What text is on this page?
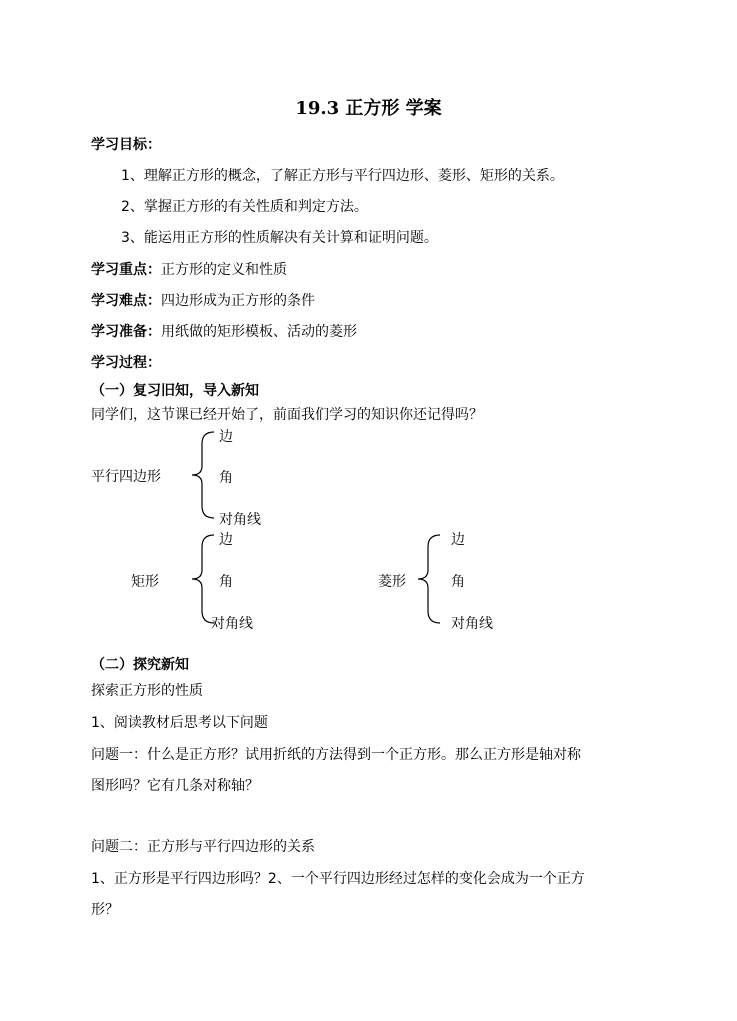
19.3 正方形 学案
学习目标：
1、理解正方形的概念，了解正方形与平行四边形、菱形、矩形的关系。
2、掌握正方形的有关性质和判定方法。
3、能运用正方形的性质解决有关计算和证明问题。
学习重点：正方形的定义和性质
学习难点：四边形成为正方形的条件
学习准备：用纸做的矩形模板、活动的菱形
学习过程：
（一）复习旧知，导入新知
同学们，这节课已经开始了，前面我们学习的知识你还记得吗？
平行四边形
边
角
对角线
矩形
边
角
对角线
菱形
边
角
对角线
（二）探究新知
探索正方形的性质
1、阅读教材后思考以下问题
问题一：什么是正方形？试用折纸的方法得到一个正方形。那么正方形是轴对称
图形吗？它有几条对称轴？
问题二：正方形与平行四边形的关系
1、正方形是平行四边形吗？2、一个平行四边形经过怎样的变化会成为一个正方
形？
